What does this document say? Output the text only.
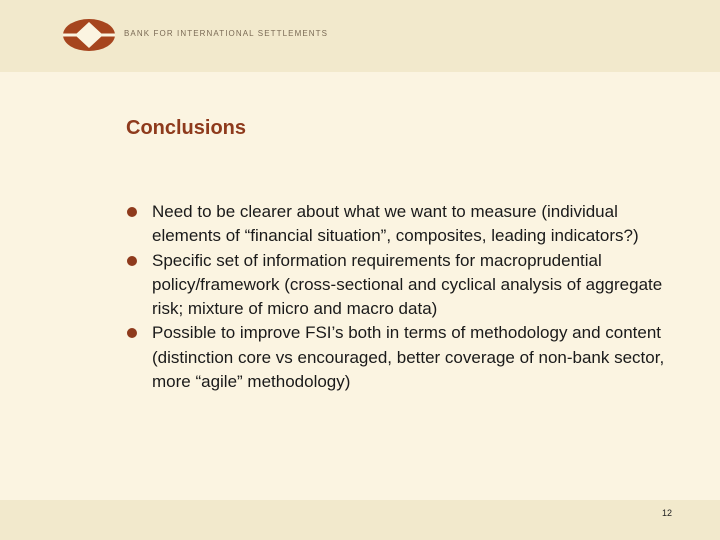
BANK FOR INTERNATIONAL SETTLEMENTS
Conclusions
Need to be clearer about what we want to measure (individual elements of “financial situation”, composites, leading indicators?)
Specific set of information requirements for macroprudential policy/framework (cross-sectional and cyclical analysis of aggregate risk; mixture of micro and macro data)
Possible to improve FSI’s both in terms of methodology and content (distinction core vs encouraged, better coverage of non-bank sector, more “agile” methodology)
12
